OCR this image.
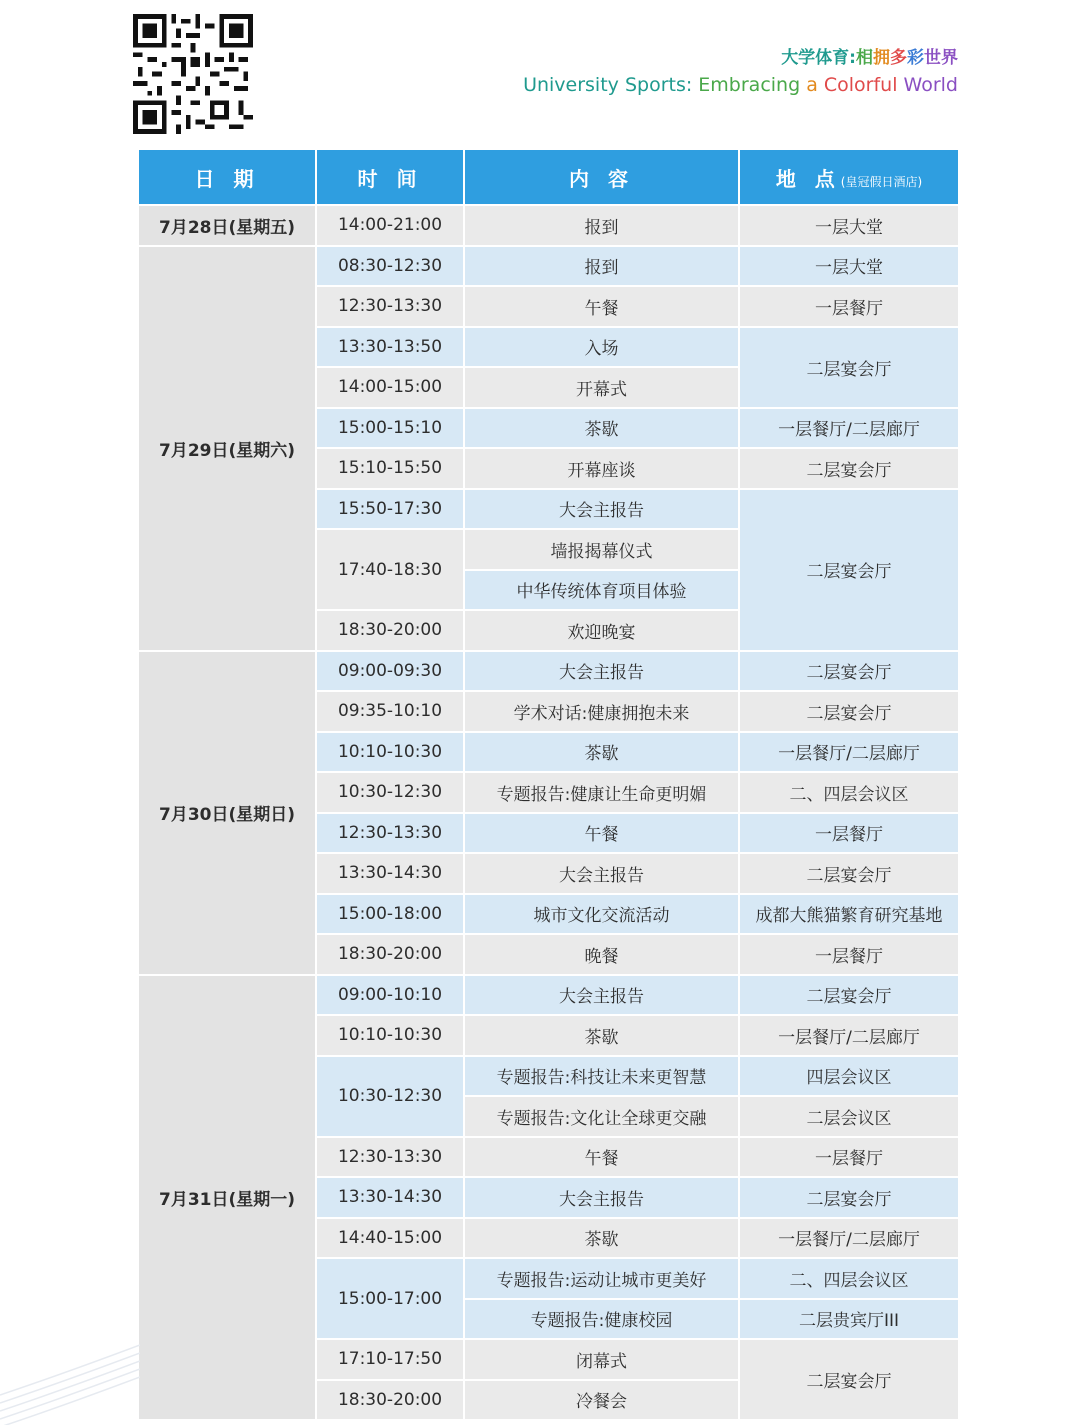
大学体育:相拥多彩世界
University Sports: Embracing a Colorful World
日 期	时 间	内 容	地 点(皇冠假日酒店)
7月28日(星期五)	14:00-21:00	报到	一层大堂
7月29日(星期六)	08:30-12:30	报到	一层大堂
	12:30-13:30	午餐	一层餐厅
	13:30-13:50	入场	二层宴会厅
	14:00-15:00	开幕式	
	15:00-15:10	茶歇	一层餐厅/二层廊厅
	15:10-15:50	开幕座谈	二层宴会厅
	15:50-17:30	大会主报告	二层宴会厅
	17:40-18:30	墙报揭幕仪式	
		中华传统体育项目体验	
	18:30-20:00	欢迎晚宴	
7月30日(星期日)	09:00-09:30	大会主报告	二层宴会厅
	09:35-10:10	学术对话:健康拥抱未来	二层宴会厅
	10:10-10:30	茶歇	一层餐厅/二层廊厅
	10:30-12:30	专题报告:健康让生命更明媚	二、四层会议区
	12:30-13:30	午餐	一层餐厅
	13:30-14:30	大会主报告	二层宴会厅
	15:00-18:00	城市文化交流活动	成都大熊猫繁育研究基地
	18:30-20:00	晚餐	一层餐厅
7月31日(星期一)	09:00-10:10	大会主报告	二层宴会厅
	10:10-10:30	茶歇	一层餐厅/二层廊厅
	10:30-12:30	专题报告:科技让未来更智慧	四层会议区
		专题报告:文化让全球更交融	二层会议区
	12:30-13:30	午餐	一层餐厅
	13:30-14:30	大会主报告	二层宴会厅
	14:40-15:00	茶歇	一层餐厅/二层廊厅
	15:00-17:00	专题报告:运动让城市更美好	二、四层会议区
		专题报告:健康校园	二层贵宾厅III
	17:10-17:50	闭幕式	二层宴会厅
	18:30-20:00	冷餐会	
